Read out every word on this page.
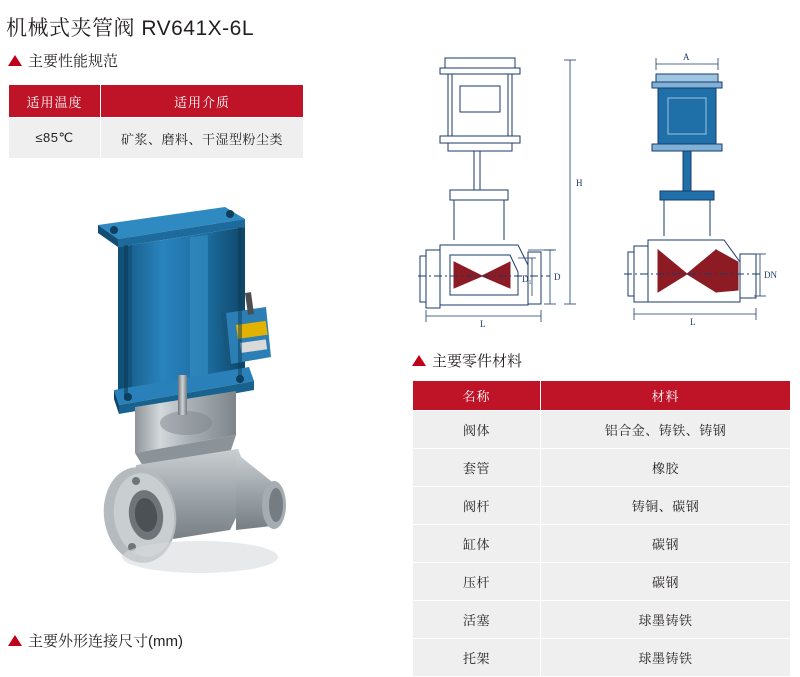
机械式夹管阀 RV641X-6L
主要性能规范
适用温度	适用介质
≤85℃	矿浆、磨料、干湿型粉尘类
H
D
D₁
L
A
DN
L
主要零件材料
名称	材料
阀体	铝合金、铸铁、铸钢
套管	橡胶
阀杆	铸铜、碳钢
缸体	碳钢
压杆	碳钢
活塞	球墨铸铁
托架	球墨铸铁
主要外形连接尺寸(mm)
